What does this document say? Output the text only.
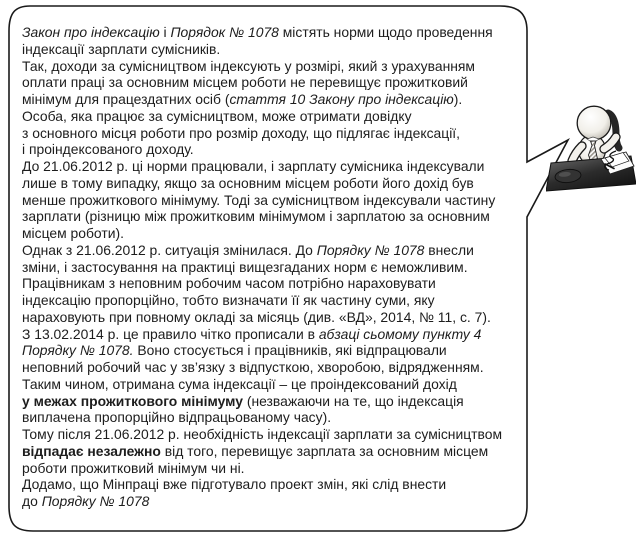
Закон про індексацію і Порядок № 1078 містять норми щодо проведення
індексації зарплати сумісників.
Так, доходи за сумісництвом індексують у розмірі, який з урахуванням
оплати праці за основним місцем роботи не перевищує прожитковий
мінімум для працездатних осіб (стаття 10 Закону про індексацію).
Особа, яка працює за сумісництвом, може отримати довідку
з основного місця роботи про розмір доходу, що підлягає індексації,
і проіндексованого доходу.
До 21.06.2012 р. ці норми працювали, і зарплату сумісника індексували
лише в тому випадку, якщо за основним місцем роботи його дохід був
менше прожиткового мінімуму. Тоді за сумісництвом індексували частину
зарплати (різницю між прожитковим мінімумом і зарплатою за основним
місцем роботи).
Однак з 21.06.2012 р. ситуація змінилася. До Порядку № 1078 внесли
зміни, і застосування на практиці вищезгаданих норм є неможливим.
Працівникам з неповним робочим часом потрібно нараховувати
індексацію пропорційно, тобто визначати її як частину суми, яку
нараховують при повному окладі за місяць (див. «ВД», 2014, № 11, с. 7).
З 13.02.2014 р. це правило чітко прописали в абзаці сьомому пункту 4
Порядку № 1078. Воно стосується і працівників, які відпрацювали
неповний робочий час у зв’язку з відпусткою, хворобою, відрядженням.
Таким чином, отримана сума індексації – це проіндексований дохід
у межах прожиткового мінімуму (незважаючи на те, що індексація
виплачена пропорційно відпрацьованому часу).
Тому після 21.06.2012 р. необхідність індексації зарплати за сумісництвом
відпадає незалежно від того, перевищує зарплата за основним місцем
роботи прожитковий мінімум чи ні.
Додамо, що Мінпраці вже підготувало проект змін, які слід внести
до Порядку № 1078
